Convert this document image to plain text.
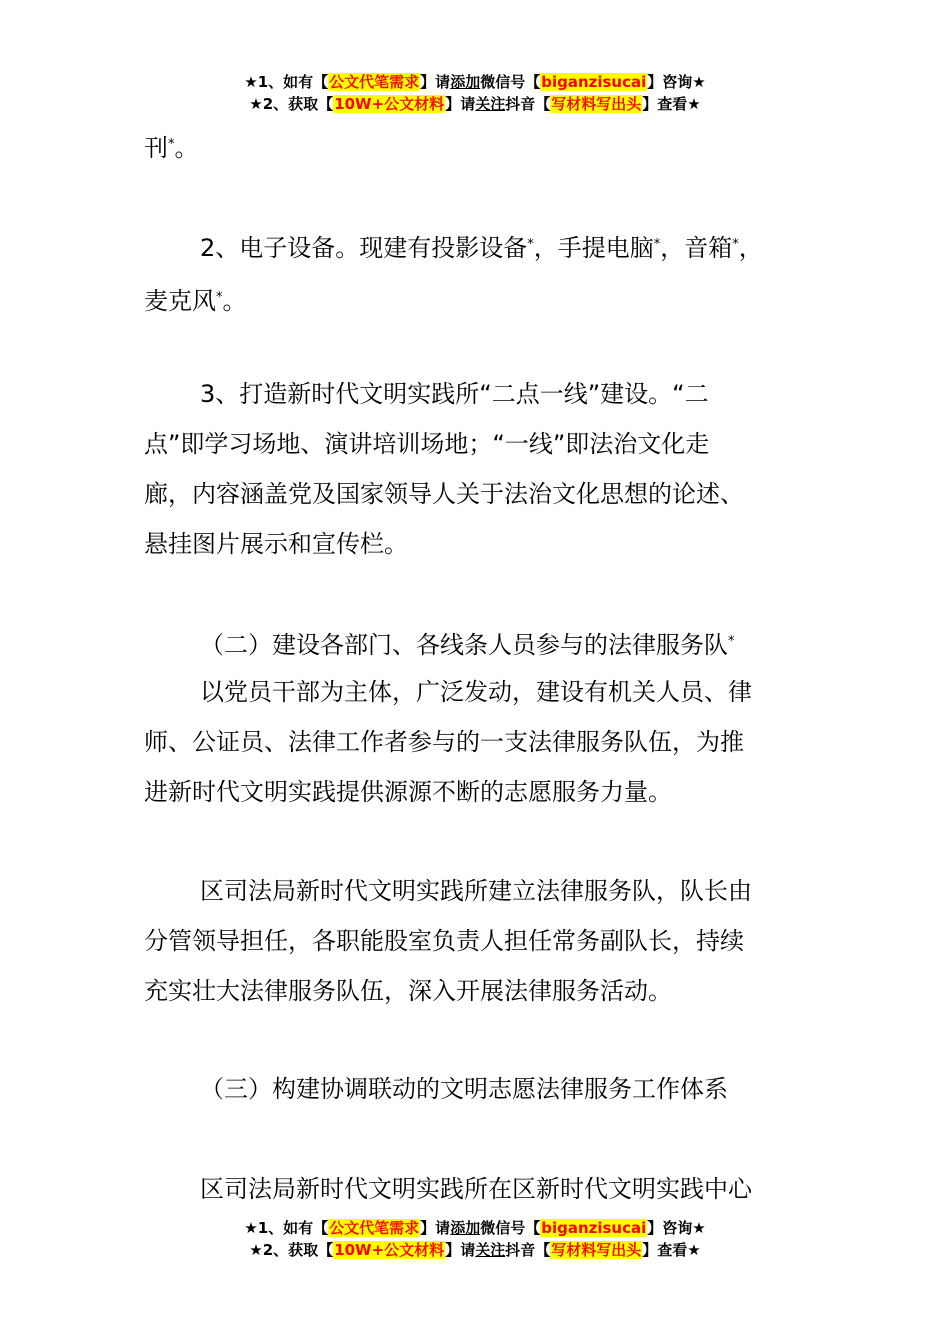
★1、如有【公文代笔需求】请添加微信号【biganzisucai】咨询★
★2、获取【10W+公文材料】请关注抖音【写材料写出头】查看★
刊*。
2、电子设备。现建有投影设备*，手提电脑*，音箱*，
麦克风*。
3、打造新时代文明实践所“二点一线”建设。“二
点”即学习场地、演讲培训场地；“一线”即法治文化走
廊，内容涵盖党及国家领导人关于法治文化思想的论述、
悬挂图片展示和宣传栏。
（二）建设各部门、各线条人员参与的法律服务队*
以党员干部为主体，广泛发动，建设有机关人员、律
师、公证员、法律工作者参与的一支法律服务队伍，为推
进新时代文明实践提供源源不断的志愿服务力量。
区司法局新时代文明实践所建立法律服务队，队长由
分管领导担任，各职能股室负责人担任常务副队长，持续
充实壮大法律服务队伍，深入开展法律服务活动。
（三）构建协调联动的文明志愿法律服务工作体系
区司法局新时代文明实践所在区新时代文明实践中心
★1、如有【公文代笔需求】请添加微信号【biganzisucai】咨询★
★2、获取【10W+公文材料】请关注抖音【写材料写出头】查看★
